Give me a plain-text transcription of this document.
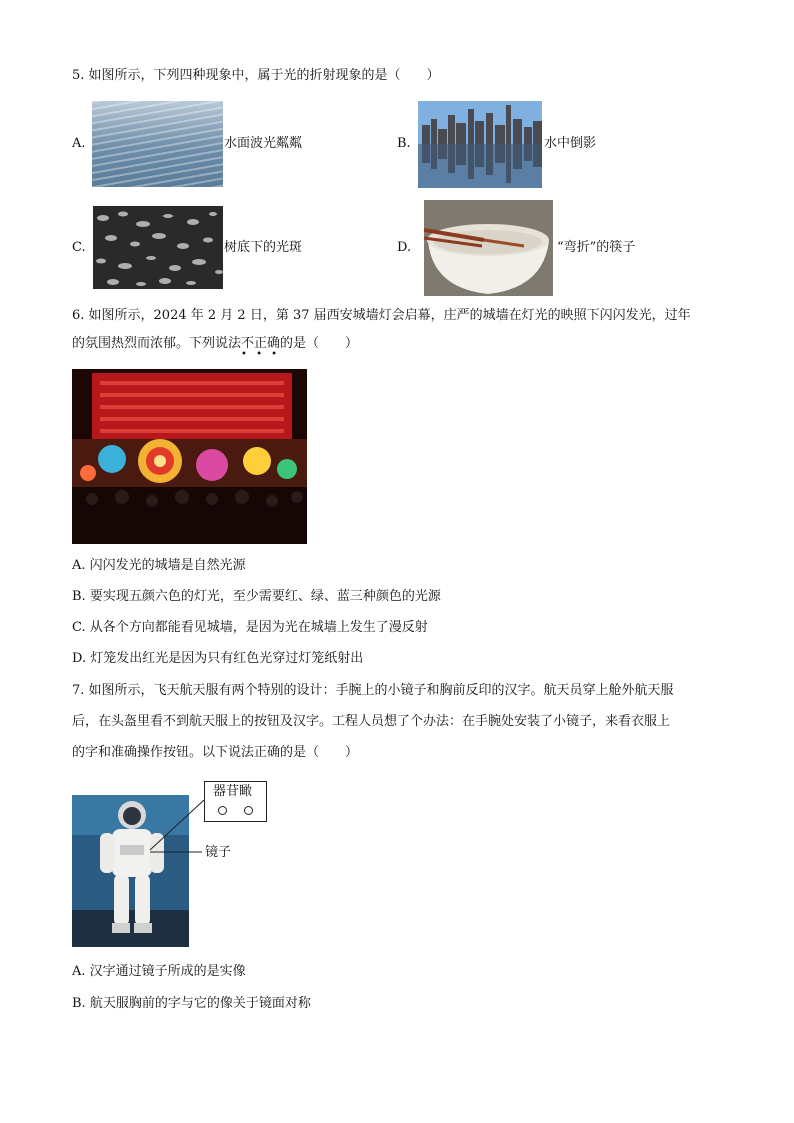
5. 如图所示，下列四种现象中，属于光的折射现象的是（　　）
A.	水面波光粼粼	B.	水中倒影
C.	树底下的光斑	D.	“弯折”的筷子
6. 如图所示，2024 年 2 月 2 日，第 37 届西安城墙灯会启幕，庄严的城墙在灯光的映照下闪闪发光，过年
的氛围热烈而浓郁。下列说法不正确
• • •
的是（　　）
A. 闪闪发光的城墙是自然光源
B. 要实现五颜六色的灯光，至少需要红、绿、蓝三种颜色的光源
C. 从各个方向都能看见城墙，是因为光在城墙上发生了漫反射
D. 灯笼发出红光是因为只有红色光穿过灯笼纸射出
7. 如图所示，飞天航天服有两个特别的设计：手腕上的小镜子和胸前反印的汉字。航天员穿上舱外航天服
后，在头盔里看不到航天服上的按钮及汉字。工程人员想了个办法：在手腕处安装了小镜子，来看衣服上
的字和准确操作按钮。以下说法正确的是（　　）
器苷瞰
镜子
A. 汉字通过镜子所成的是实像
B. 航天服胸前的字与它的像关于镜面对称
